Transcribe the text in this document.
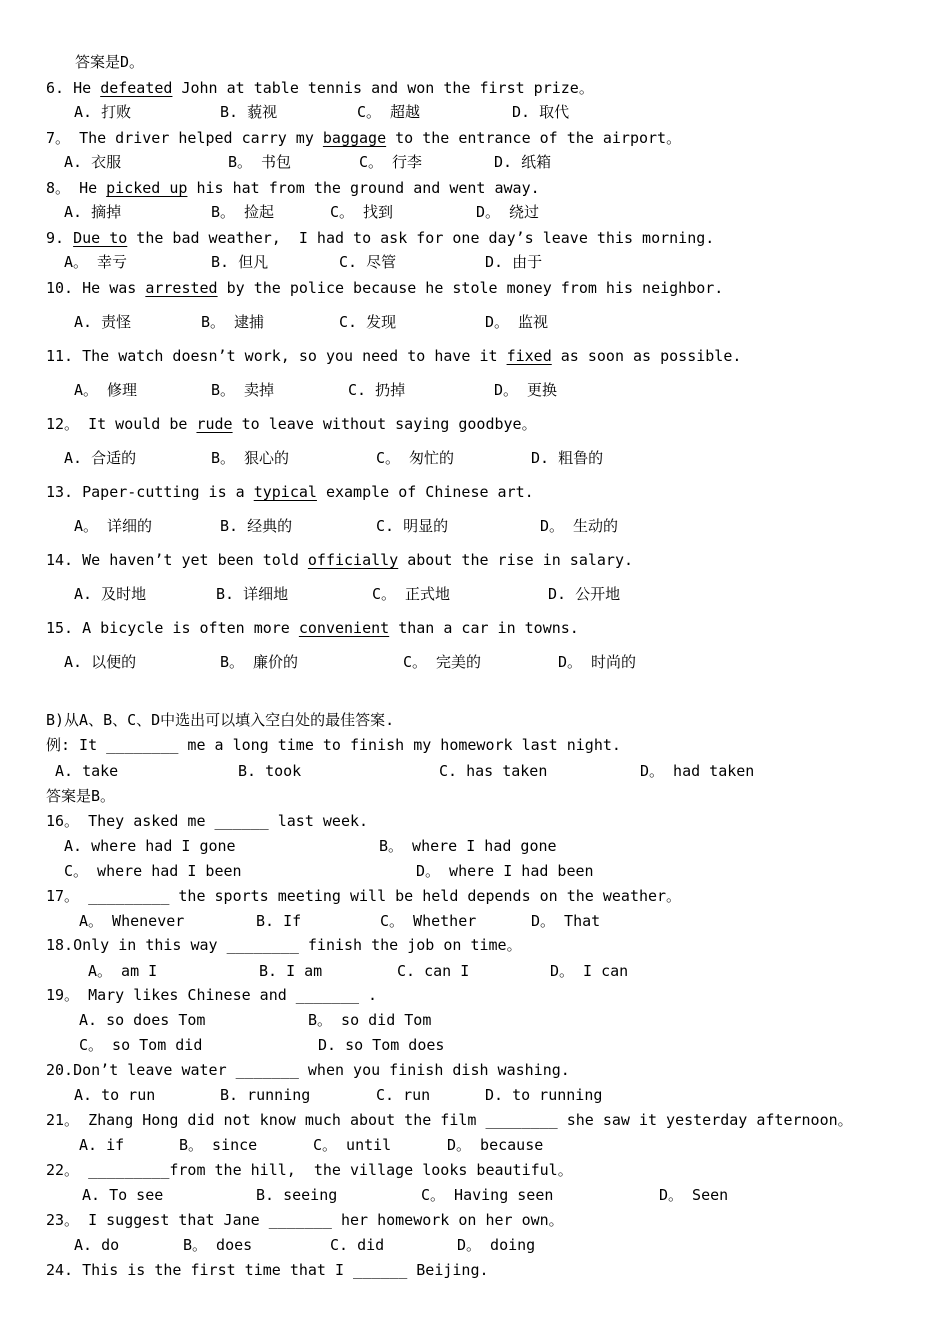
答案是D。
6. He defeated John at table tennis and won the first prize。
A. 打败	B. 藐视	C。 超越	D. 取代
7。 The driver helped carry my baggage to the entrance of the airport。
A. 衣服	B。 书包	C。 行李	D. 纸箱
8。 He picked up his hat from the ground and went away.
A. 摘掉	B。 捡起	C。 找到	D。 绕过
9. Due to the bad weather,  I had to ask for one day’s leave this morning.
A。 幸亏	B. 但凡	C. 尽管	D. 由于
10. He was arrested by the police because he stole money from his neighbor.
A. 责怪	B。 逮捕	C. 发现	D。 监视
11. The watch doesn’t work, so you need to have it fixed as soon as possible.
A。 修理	B。 卖掉	C. 扔掉	D。 更换
12。 It would be rude to leave without saying goodbye。
A. 合适的	B。 狠心的	C。 匆忙的	D. 粗鲁的
13. Paper-cutting is a typical example of Chinese art.
A。 详细的	B. 经典的	C. 明显的	D。 生动的
14. We haven’t yet been told officially about the rise in salary.
A. 及时地	B. 详细地	C。 正式地	D. 公开地
15. A bicycle is often more convenient than a car in towns.
A. 以便的	B。 廉价的	C。 完美的	D。 时尚的
B)从A、B、C、D中选出可以填入空白处的最佳答案.
例: It ________ me a long time to finish my homework last night.
A. take	B. took	C. has taken	D。 had taken
答案是B。
16。 They asked me ______ last week.
A. where had I gone	B。 where I had gone
C。 where had I been	D。 where I had been
17。 _________ the sports meeting will be held depends on the weather。
A。 Whenever	B. If	C。 Whether	D。 That
18.Only in this way ________ finish the job on time。
A。 am I	B. I am	C. can I	D。 I can
19。 Mary likes Chinese and _______ .
A. so does Tom	B。 so did Tom
C。 so Tom did	D. so Tom does
20.Don’t leave water _______ when you finish dish washing.
A. to run	B. running	C. run	D. to running
21。 Zhang Hong did not know much about the film ________ she saw it yesterday afternoon。
A. if	B。 since	C。 until	D。 because
22。 _________from the hill,  the village looks beautiful。
A. To see	B. seeing	C。 Having seen	D。 Seen
23。 I suggest that Jane _______ her homework on her own。
A. do	B。 does	C. did	D。 doing
24. This is the first time that I ______ Beijing.
